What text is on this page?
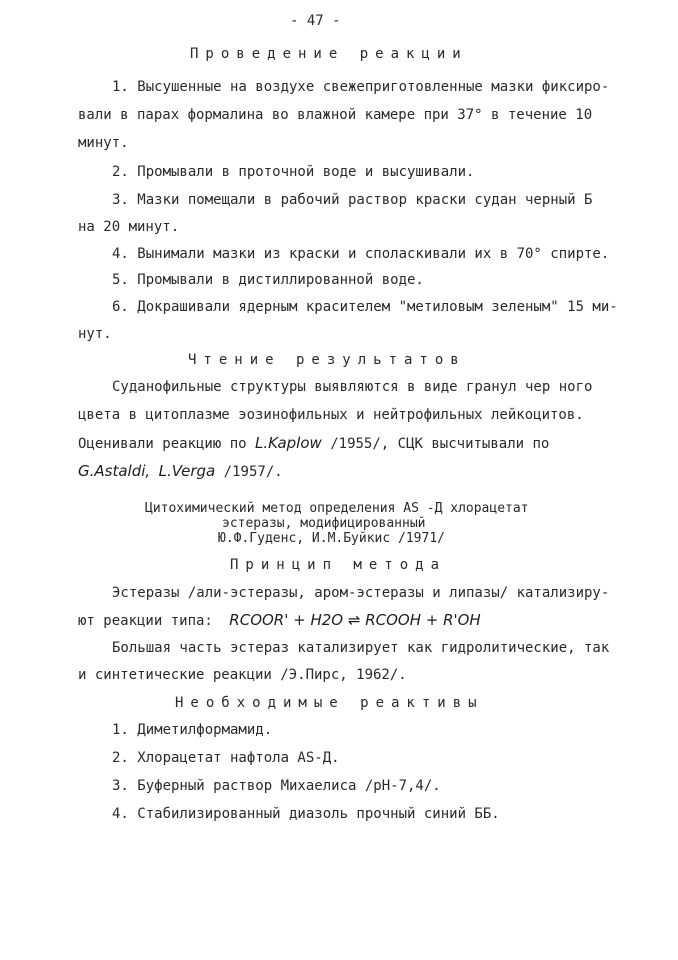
- 47 -
Проведение реакции
1. Высушенные на воздухе свежеприготовленные мазки фиксиро-
вали в парах формалина во влажной камере при 37° в течение 10
минут.
2. Промывали в проточной воде и высушивали.
3. Мазки помещали в рабочий раствор краски судан черный Б
на 20 минут.
4. Вынимали мазки из краски и споласкивали их в 70° спирте.
5. Промывали в дистиллированной воде.
6. Докрашивали ядерным красителем "метиловым зеленым" 15 ми-
нут.
Чтение результатов
Суданофильные структуры выявляются в виде гранул чер ного
цвета в цитоплазме эозинофильных и нейтрофильных лейкоцитов.
Оценивали реакцию по L.Kaplow /1955/, СЦК высчитывали по
G.Astaldi, L.Verga /1957/.
Цитохимический метод определения AS -Д хлорацетат
эстеразы, модифицированный
Ю.Ф.Гуденс, И.М.Буйкис /1971/
Принцип метода
Эстеразы /али-эстеразы, аром-эстеразы и липазы/ катализиру-
ют реакции типа: RCOOR' + H2O ⇌ RCOOH + R'OH
Большая часть эстераз катализирует как гидролитические, так
и синтетические реакции /Э.Пирс, 1962/.
Необходимые реактивы
1. Диметилформамид.
2. Хлорацетат нафтола AS-Д.
3. Буферный раствор Михаелиса /рН-7,4/.
4. Стабилизированный диазоль прочный синий ББ.
